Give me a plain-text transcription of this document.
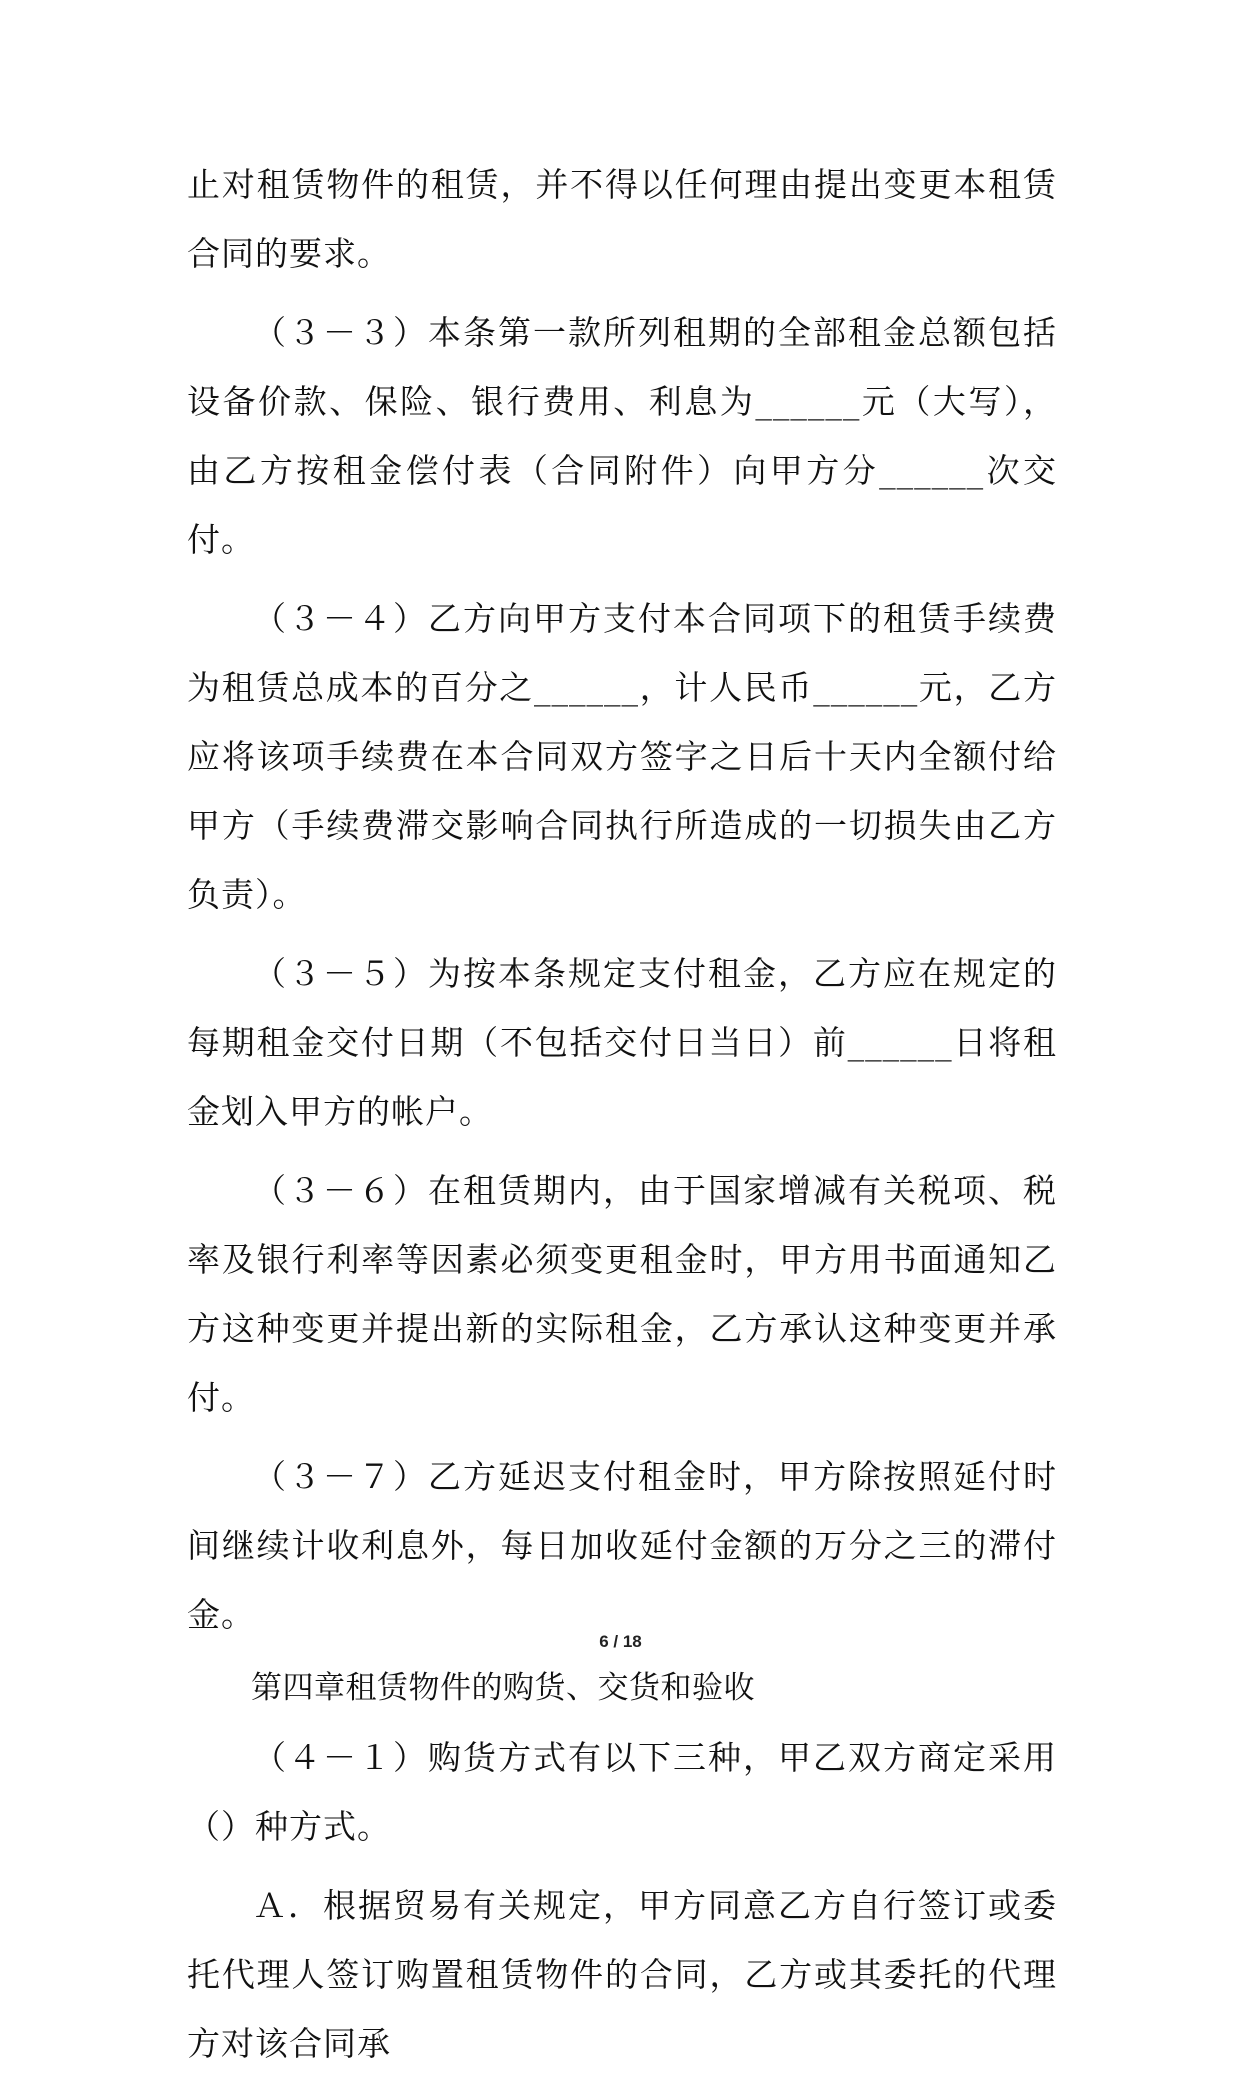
止对租赁物件的租赁，并不得以任何理由提出变更本租赁合同的要求。

（３－３）本条第一款所列租期的全部租金总额包括设备价款、保险、银行费用、利息为______元（大写），由乙方按租金偿付表（合同附件）向甲方分______次交付。

（３－４）乙方向甲方支付本合同项下的租赁手续费为租赁总成本的百分之______，计人民币______元，乙方应将该项手续费在本合同双方签字之日后十天内全额付给甲方（手续费滞交影响合同执行所造成的一切损失由乙方负责）。

（３－５）为按本条规定支付租金，乙方应在规定的每期租金交付日期（不包括交付日当日）前______日将租金划入甲方的帐户。

（３－６）在租赁期内，由于国家增减有关税项、税率及银行利率等因素必须变更租金时，甲方用书面通知乙方这种变更并提出新的实际租金，乙方承认这种变更并承付。

（３－７）乙方延迟支付租金时，甲方除按照延付时间继续计收利息外，每日加收延付金额的万分之三的滞付金。

第四章租赁物件的购货、交货和验收

（４－１）购货方式有以下三种，甲乙双方商定采用（）种方式。

Ａ．根据贸易有关规定，甲方同意乙方自行签订或委托代理人签订购置租赁物件的合同，乙方或其委托的代理方对该合同承

6 / 18
